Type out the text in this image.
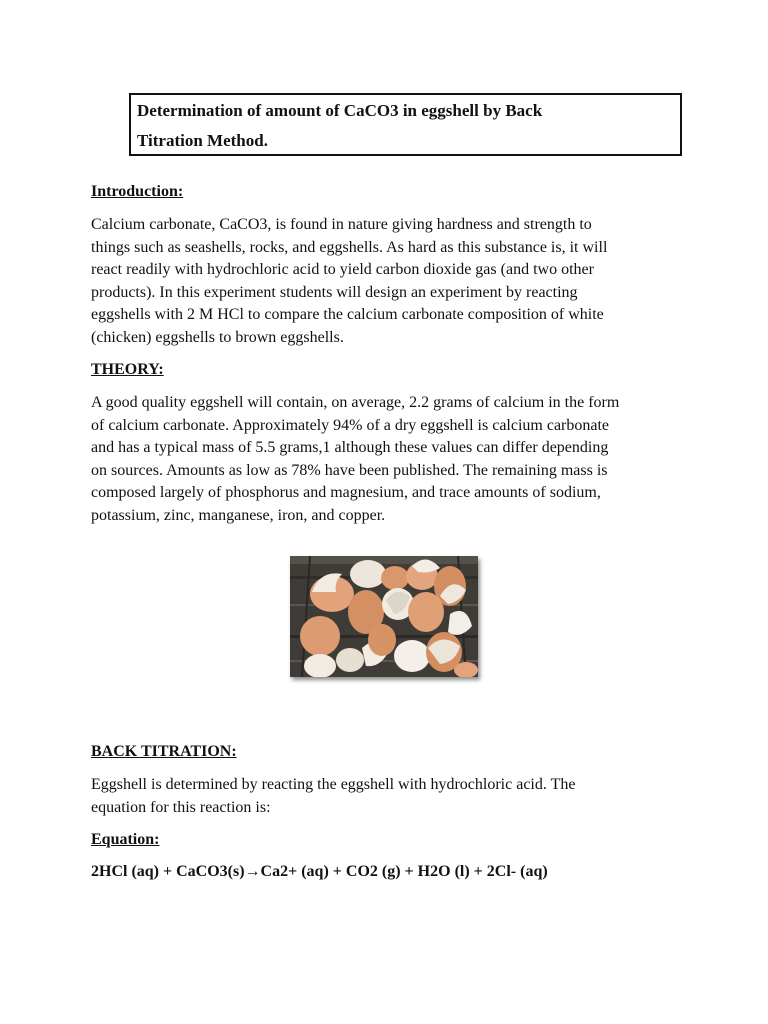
Determination of amount of CaCO3 in eggshell by Back
Titration Method.
Introduction:
Calcium carbonate, CaCO3, is found in nature giving hardness and strength to
things such as seashells, rocks, and eggshells. As hard as this substance is, it will
react readily with hydrochloric acid to yield carbon dioxide gas (and two other
products). In this experiment students will design an experiment by reacting
eggshells with 2 M HCl to compare the calcium carbonate composition of white
(chicken) eggshells to brown eggshells.
THEORY:
A good quality eggshell will contain, on average, 2.2 grams of calcium in the form
of calcium carbonate. Approximately 94% of a dry eggshell is calcium carbonate
and has a typical mass of 5.5 grams,1 although these values can differ depending
on sources. Amounts as low as 78% have been published. The remaining mass is
composed largely of phosphorus and magnesium, and trace amounts of sodium,
potassium, zinc, manganese, iron, and copper.
BACK TITRATION:
Eggshell is determined by reacting the eggshell with hydrochloric acid. The
equation for this reaction is:
Equation:
2HCl (aq) + CaCO3(s)→Ca2+ (aq) + CO2 (g) + H2O (l) + 2Cl- (aq)
